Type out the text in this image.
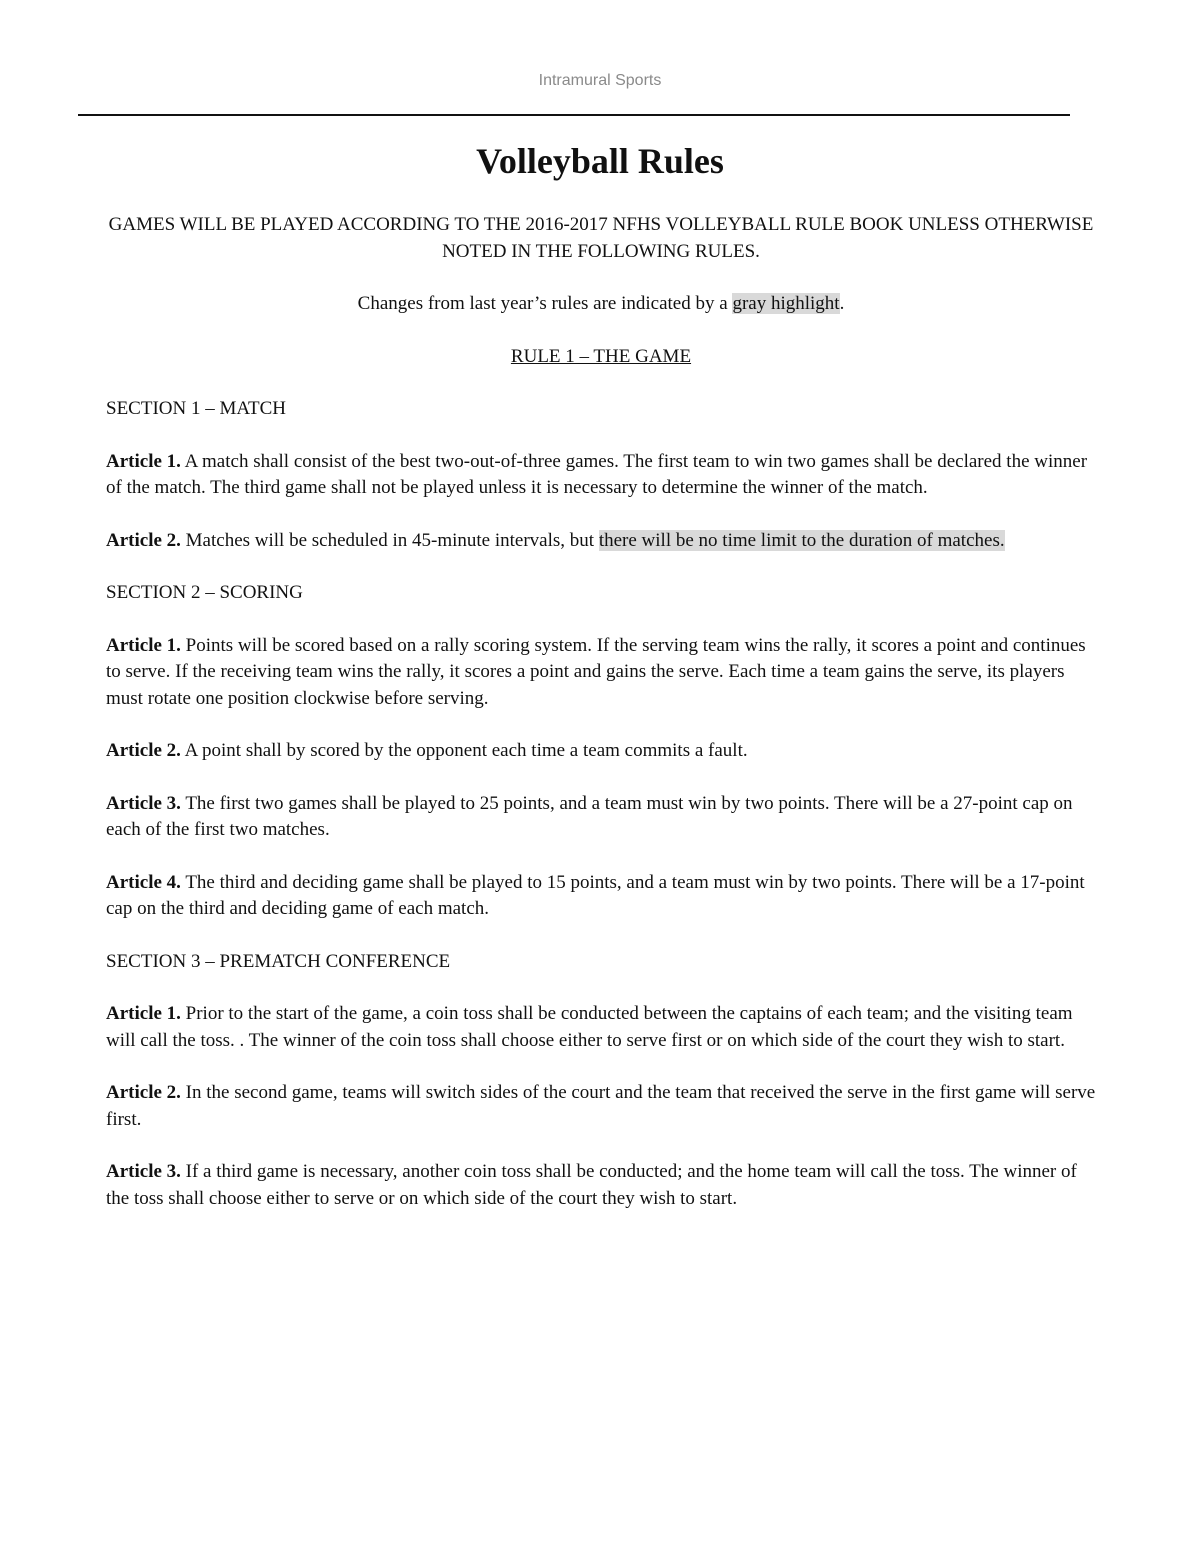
Intramural Sports
Volleyball Rules

GAMES WILL BE PLAYED ACCORDING TO THE 2016-2017 NFHS VOLLEYBALL RULE BOOK UNLESS OTHERWISE NOTED IN THE FOLLOWING RULES.

Changes from last year’s rules are indicated by a gray highlight.

RULE 1 – THE GAME

SECTION 1 – MATCH

Article 1. A match shall consist of the best two-out-of-three games. The first team to win two games shall be declared the winner of the match. The third game shall not be played unless it is necessary to determine the winner of the match.

Article 2. Matches will be scheduled in 45-minute intervals, but there will be no time limit to the duration of matches.

SECTION 2 – SCORING

Article 1. Points will be scored based on a rally scoring system. If the serving team wins the rally, it scores a point and continues to serve. If the receiving team wins the rally, it scores a point and gains the serve. Each time a team gains the serve, its players must rotate one position clockwise before serving.

Article 2. A point shall by scored by the opponent each time a team commits a fault.

Article 3. The first two games shall be played to 25 points, and a team must win by two points. There will be a 27-point cap on each of the first two matches.

Article 4. The third and deciding game shall be played to 15 points, and a team must win by two points. There will be a 17-point cap on the third and deciding game of each match.

SECTION 3 – PREMATCH CONFERENCE

Article 1. Prior to the start of the game, a coin toss shall be conducted between the captains of each team; and the visiting team will call the toss. . The winner of the coin toss shall choose either to serve first or on which side of the court they wish to start.

Article 2. In the second game, teams will switch sides of the court and the team that received the serve in the first game will serve first.

Article 3. If a third game is necessary, another coin toss shall be conducted; and the home team will call the toss. The winner of the toss shall choose either to serve or on which side of the court they wish to start.
